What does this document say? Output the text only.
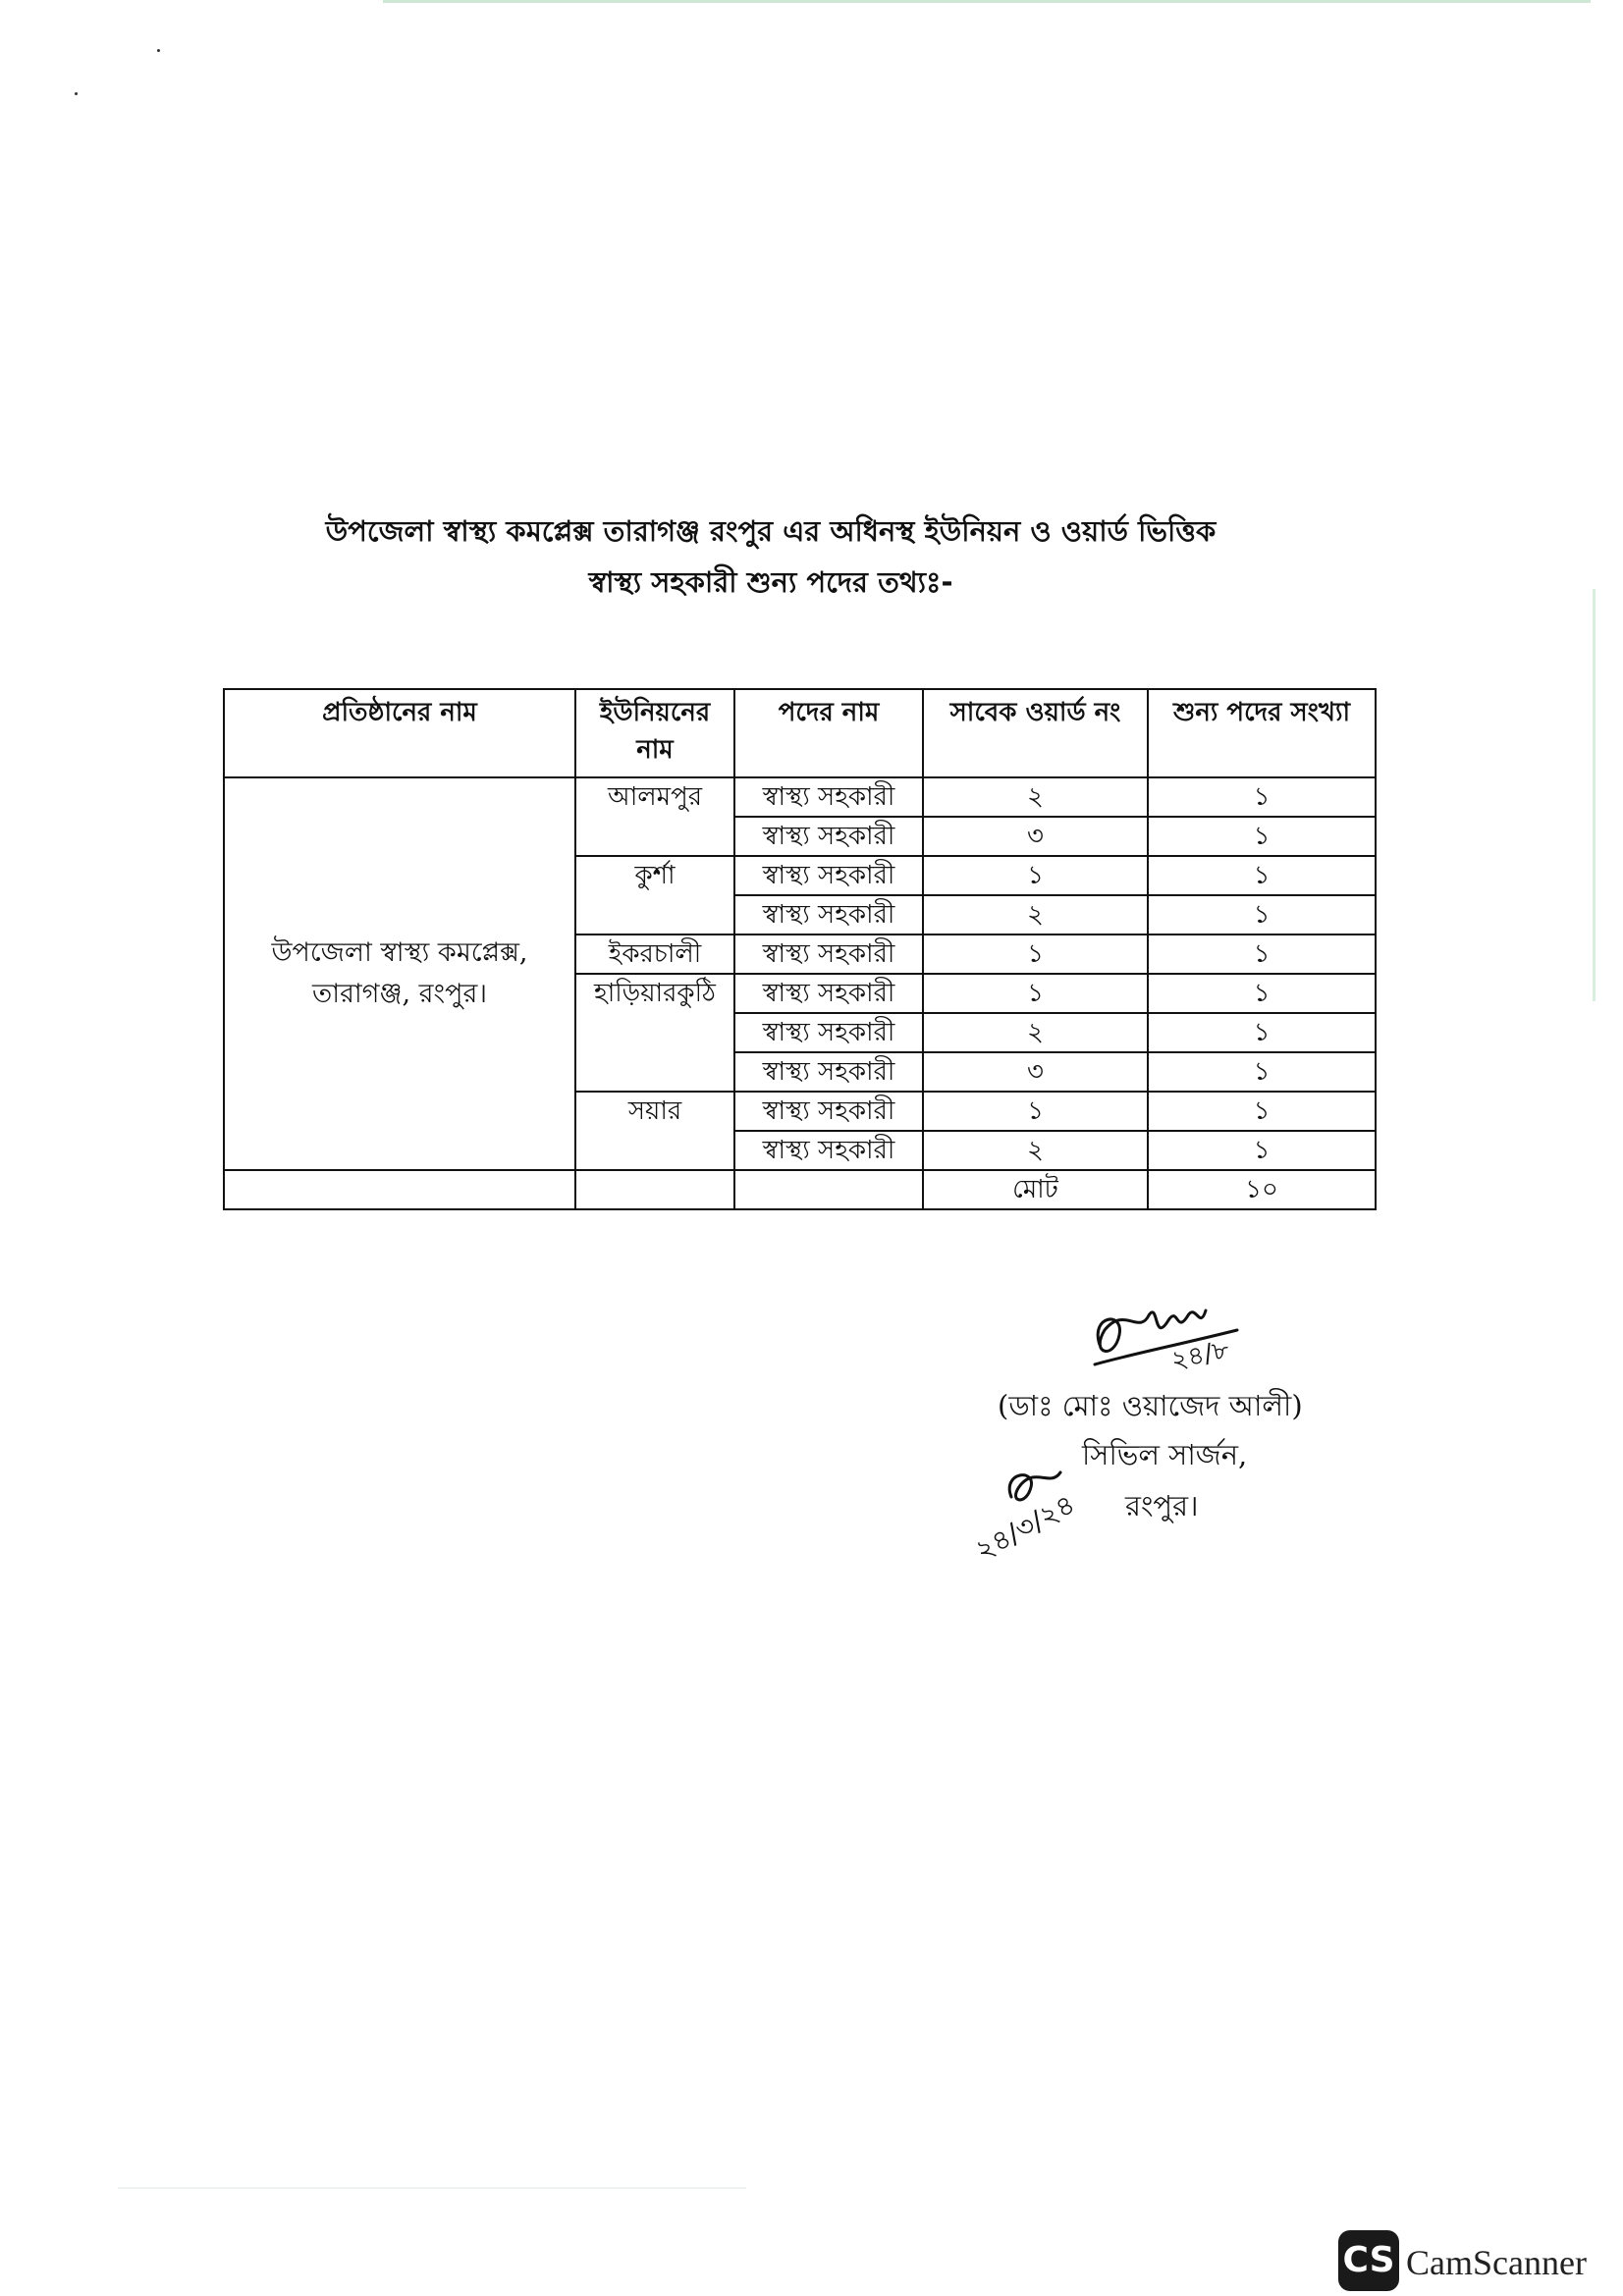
উপজেলা স্বাস্থ্য কমপ্লেক্স তারাগঞ্জ রংপুর এর অধিনস্থ ইউনিয়ন ও ওয়ার্ড ভিত্তিক
স্বাস্থ্য সহকারী শুন্য পদের তথ্যঃ-
প্রতিষ্ঠানের নাম	ইউনিয়নের নাম	পদের নাম	সাবেক ওয়ার্ড নং	শুন্য পদের সংখ্যা
উপজেলা স্বাস্থ্য কমপ্লেক্স, তারাগঞ্জ, রংপুর।	আলমপুর	স্বাস্থ্য সহকারী	২	১
		স্বাস্থ্য সহকারী	৩	১
	কুর্শা	স্বাস্থ্য সহকারী	১	১
		স্বাস্থ্য সহকারী	২	১
	ইকরচালী	স্বাস্থ্য সহকারী	১	১
	হাড়িয়ারকুঠি	স্বাস্থ্য সহকারী	১	১
		স্বাস্থ্য সহকারী	২	১
		স্বাস্থ্য সহকারী	৩	১
	সয়ার	স্বাস্থ্য সহকারী	১	১
		স্বাস্থ্য সহকারী	২	১
			মোট	১০
২৪/৮
২৪/৩/২৪
(ডাঃ মোঃ ওয়াজেদ আলী)
সিভিল সার্জন,
রংপুর।
CS CamScanner
